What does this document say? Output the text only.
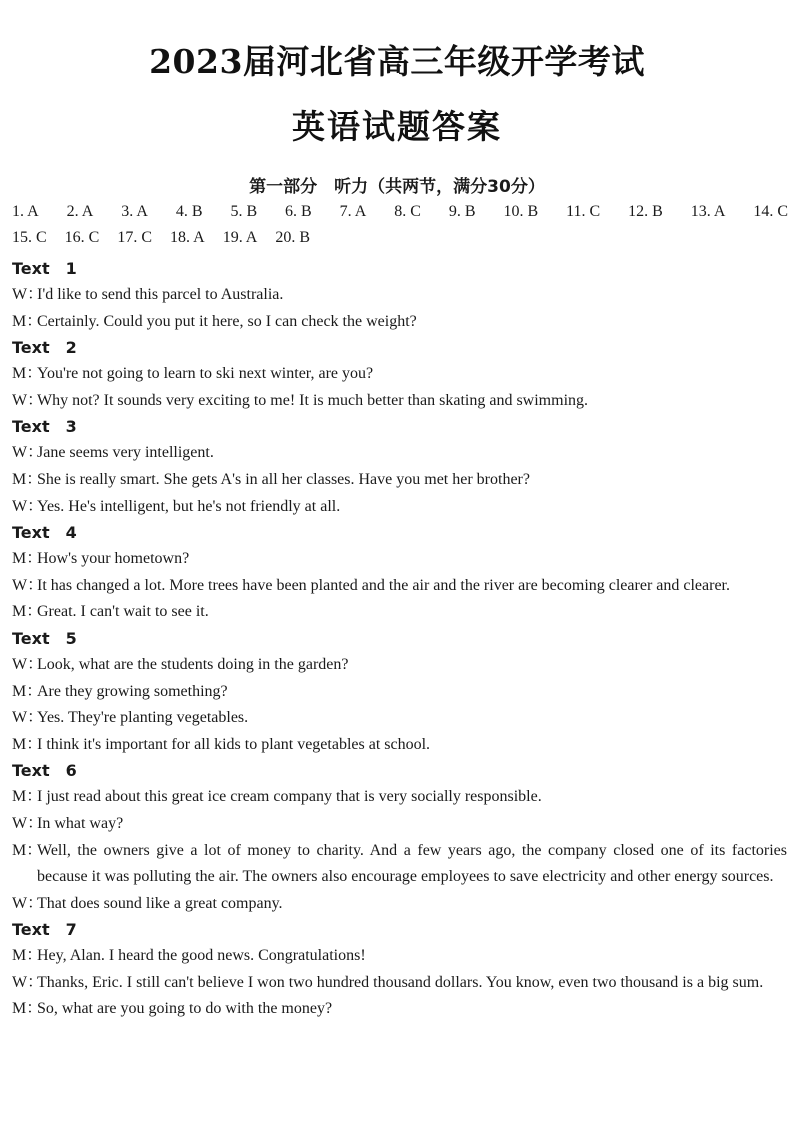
2023届河北省高三年级开学考试
英语试题答案
第一部分　听力（共两节，满分30分）
1. A 2. A 3. A 4. B 5. B 6. B 7. A 8. C 9. B 10. B 11. C 12. B 13. A 14. C
15. C 16. C 17. C 18. A 19. A 20. B
Text　1
W：
I'd like to send this parcel to Australia.
M：
Certainly. Could you put it here, so I can check the weight?
Text　2
M：
You're not going to learn to ski next winter, are you?
W：
Why not? It sounds very exciting to me! It is much better than skating and swimming.
Text　3
W：
Jane seems very intelligent.
M：
She is really smart. She gets A's in all her classes. Have you met her brother?
W：
Yes. He's intelligent, but he's not friendly at all.
Text　4
M：
How's your hometown?
W：
It has changed a lot. More trees have been planted and the air and the river are becoming clearer and clearer.
M：
Great. I can't wait to see it.
Text　5
W：
Look, what are the students doing in the garden?
M：
Are they growing something?
W：
Yes. They're planting vegetables.
M：
I think it's important for all kids to plant vegetables at school.
Text　6
M：
I just read about this great ice cream company that is very socially responsible.
W：
In what way?
M：
Well, the owners give a lot of money to charity. And a few years ago, the company closed one of its factories because it was polluting the air. The owners also encourage employees to save electricity and other energy sources.
W：
That does sound like a great company.
Text　7
M：
Hey, Alan. I heard the good news. Congratulations!
W：
Thanks, Eric. I still can't believe I won two hundred thousand dollars. You know, even two thousand is a big sum.
M：
So, what are you going to do with the money?
